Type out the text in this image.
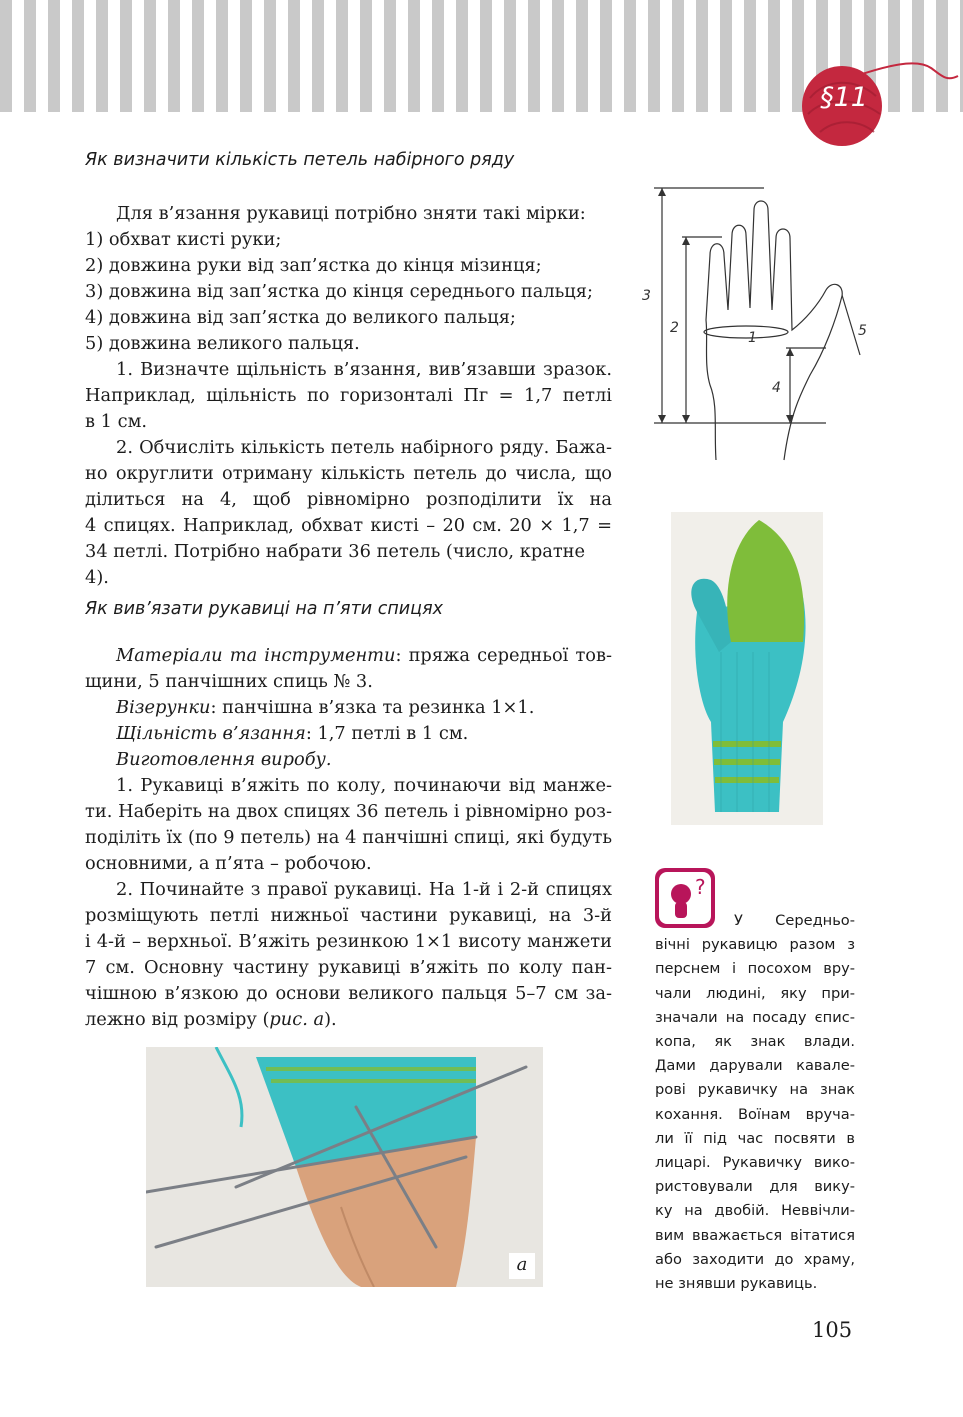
§11
Як визначити кількість петель набірного ряду

Для в’язання рукавиці потрібно зняти такі мірки:

1) обхват кисті руки;

2) довжина руки від зап’ястка до кінця мізинця;

3) довжина від зап’ястка до кінця середнього пальця;

4) довжина від зап’ястка до великого пальця;

5) довжина великого пальця.

1. Визначте щільність в’язання, вив’язавши зразок.
Наприклад, щільність по горизонталі Пг = 1,7 петлі
в 1 см.

2. Обчисліть кількість петель набірного ряду. Бажа-
но округлити отриману кількість петель до числа, що
ділиться на 4, щоб рівномірно розподілити їх на
4 спицях. Наприклад, обхват кисті – 20 см. 20 × 1,7 =
34 петлі. Потрібно набрати 36 петель (число, кратне 4).

Як вив’язати рукавиці на п’яти спицях

Матеріали та інструменти: пряжа середньої тов-
щини, 5 панчішних спиць № 3.

Візерунки: панчішна в’язка та резинка 1×1.

Щільність в’язання: 1,7 петлі в 1 см.

Виготовлення виробу.

1. Рукавиці в’яжіть по колу, починаючи від манже-
ти. Наберіть на двох спицях 36 петель і рівномірно роз-
поділіть їх (по 9 петель) на 4 панчішні спиці, які будуть
основними, а п’ята – робочою.

2. Починайте з правої рукавиці. На 1-й і 2-й спицях
розміщують петлі нижньої частини рукавиці, на 3-й
і 4-й – верхньої. В’яжіть резинкою 1×1 висоту манжети
7 см. Основну частину рукавиці в’яжіть по колу пан-
чішною в’язкою до основи великого пальця 5–7 см за-
лежно від розміру (рис. а).

1
2
3
4
5
?
У Середньо-
вічні рукавицю разом з
перснем і посохом вру-
чали людині, яку при-
значали на посаду єпис-
копа, як знак влади.
Дами дарували кавале-
рові рукавичку на знак
кохання. Воїнам вруча-
ли її під час посвяти в
лицарі. Рукавичку вико-
ристовували для вику-
ку на двобій. Неввічли-
вим вважається вітатися
або заходити до храму,
не знявши рукавиць.
а
105
